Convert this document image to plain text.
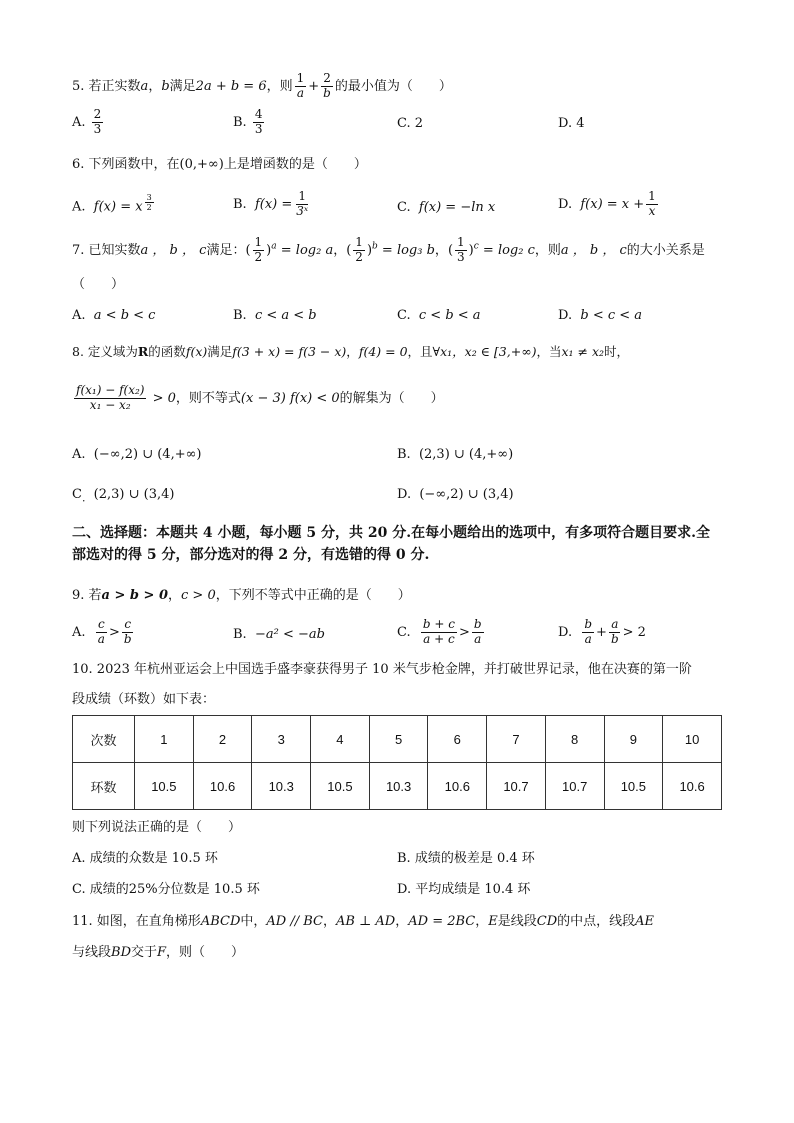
5. 若正实数a，b满足2a + b = 6，则 $\frac{1}{a} + \frac{2}{b}$ 的最小值为（　　）
A. $\frac{2}{3}$	B. $\frac{4}{3}$	C. 2	D. 4
6. 下列函数中，在(0,+∞)上是增函数的是（　　）
A. f(x) = x $^{\frac{3}{2}}$	B. $f(x) = \frac{1}{\text{3ˣ}}$	C. f(x) = −ln x	D. $f(x) = x + \frac{1}{x}$
7. 已知实数a ， b ， c满足：( $\frac{1}{2} )^a = \log_2$ a，( $\frac{1}{2} )^b = \log_3$ b，( $\frac{1}{3} )^c = \log_2$ c，则a ， b ， c的大小关系是
（　　）
A. a < b < c	B. c < a < b	C. c < b < a	D. b < c < a
8. 定义域为R的函数f(x)满足f(3 + x) = f(3 − x)，f(4) = 0，且∀x₁，x₂ ∈ [3,+∞)，当x₁ ≠ x₂时，
$\frac{\text{f(x₁) − f(x₂)}}{\text{x₁ − x₂}} > 0$，则不等式(x − 3) f(x) < 0的解集为（　　）
A. (−∞,2) ∪ (4,+∞)	B. (2,3) ∪ (4,+∞)
$C_.$ (2,3) ∪ (3,4)	D. (−∞,2) ∪ (3,4)
二、选择题：本题共 4 小题，每小题 5 分，共 20 分.在每小题给出的选项中，有多项符合题目要求.全部选对的得 5 分，部分选对的得 2 分，有选错的得 0 分.
9. 若a > b > 0，c > 0，下列不等式中正确的是（　　）
A. $\frac{c}{a} > \frac{c}{b}$	B. −a² < −ab	C. $\frac{b + c}{a + c} > \frac{b}{a}$	D. $\frac{b}{a} + \frac{a}{b} > 2$
10. 2023 年杭州亚运会上中国选手盛李豪获得男子 10 米气步枪金牌，并打破世界记录，他在决赛的第一阶
段成绩（环数）如下表：
次数	1	2	3	4	5	6	7	8	9	10
环数	10.5	10.6	10.3	10.5	10.3	10.6	10.7	10.7	10.5	10.6
则下列说法正确的是（　　）
A. 成绩的众数是 10.5 环	B. 成绩的极差是 0.4 环
C. 成绩的25%分位数是 10.5 环	D. 平均成绩是 10.4 环
11. 如图，在直角梯形ABCD中，AD // BC，AB ⊥ AD，AD = 2BC，E是线段CD的中点，线段AE
与线段BD交于F，则（　　）
